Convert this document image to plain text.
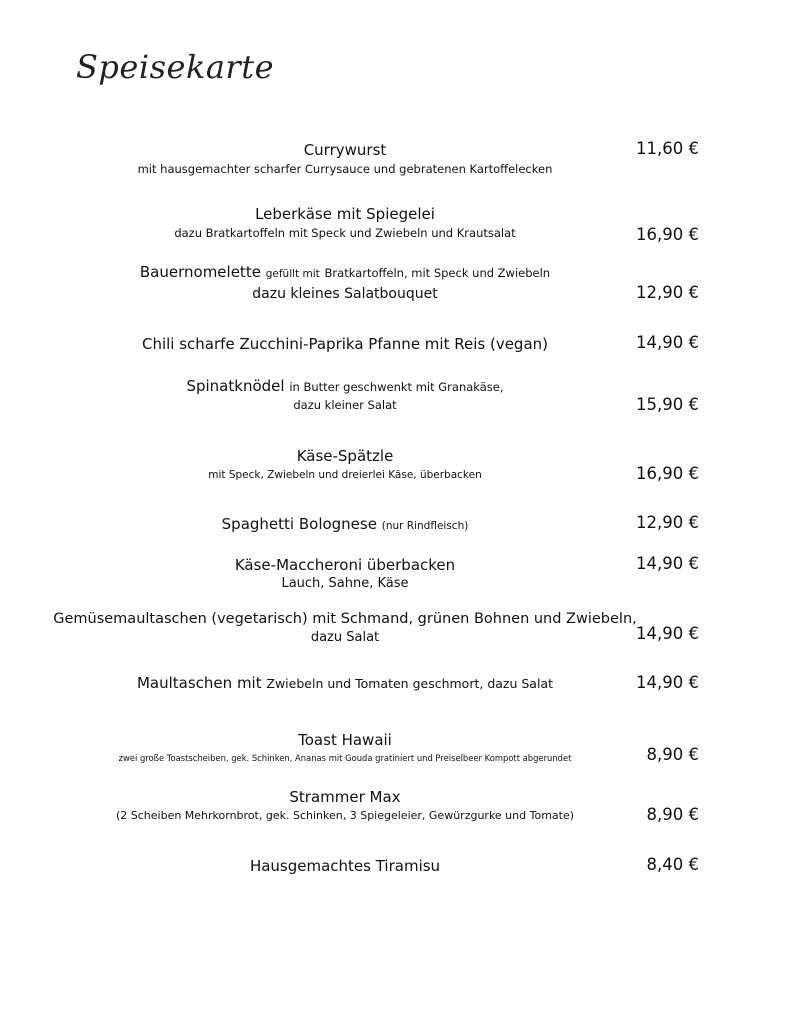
Speisekarte
Currywurst
mit hausgemachter scharfer Currysauce und gebratenen Kartoffelecken
11,60 €
Leberkäse mit Spiegelei
dazu Bratkartoffeln mit Speck und Zwiebeln und Krautsalat	16,90 €
Bauernomelette gefüllt mit Bratkartoffeln, mit Speck und Zwiebeln
dazu kleines Salatbouquet	12,90 €
Chili scharfe Zucchini-Paprika Pfanne mit Reis (vegan)	14,90 €
Spinatknödel in Butter geschwenkt mit Granakäse,
dazu kleiner Salat	15,90 €
Käse-Spätzle
mit Speck, Zwiebeln und dreierlei Käse, überbacken	16,90 €
Spaghetti Bolognese (nur Rindfleisch)	12,90 €
Käse-Maccheroni überbacken
Lauch, Sahne, Käse
14,90 €
Gemüsemaultaschen (vegetarisch) mit Schmand, grünen Bohnen und Zwiebeln,
dazu Salat	14,90 €
Maultaschen mit Zwiebeln und Tomaten geschmort, dazu Salat	14,90 €
Toast Hawaii
zwei große Toastscheiben, gek. Schinken, Ananas mit Gouda gratiniert und Preiselbeer Kompott abgerundet	8,90 €
Strammer Max
(2 Scheiben Mehrkornbrot, gek. Schinken, 3 Spiegeleier, Gewürzgurke und Tomate)	8,90 €
Hausgemachtes Tiramisu	8,40 €
